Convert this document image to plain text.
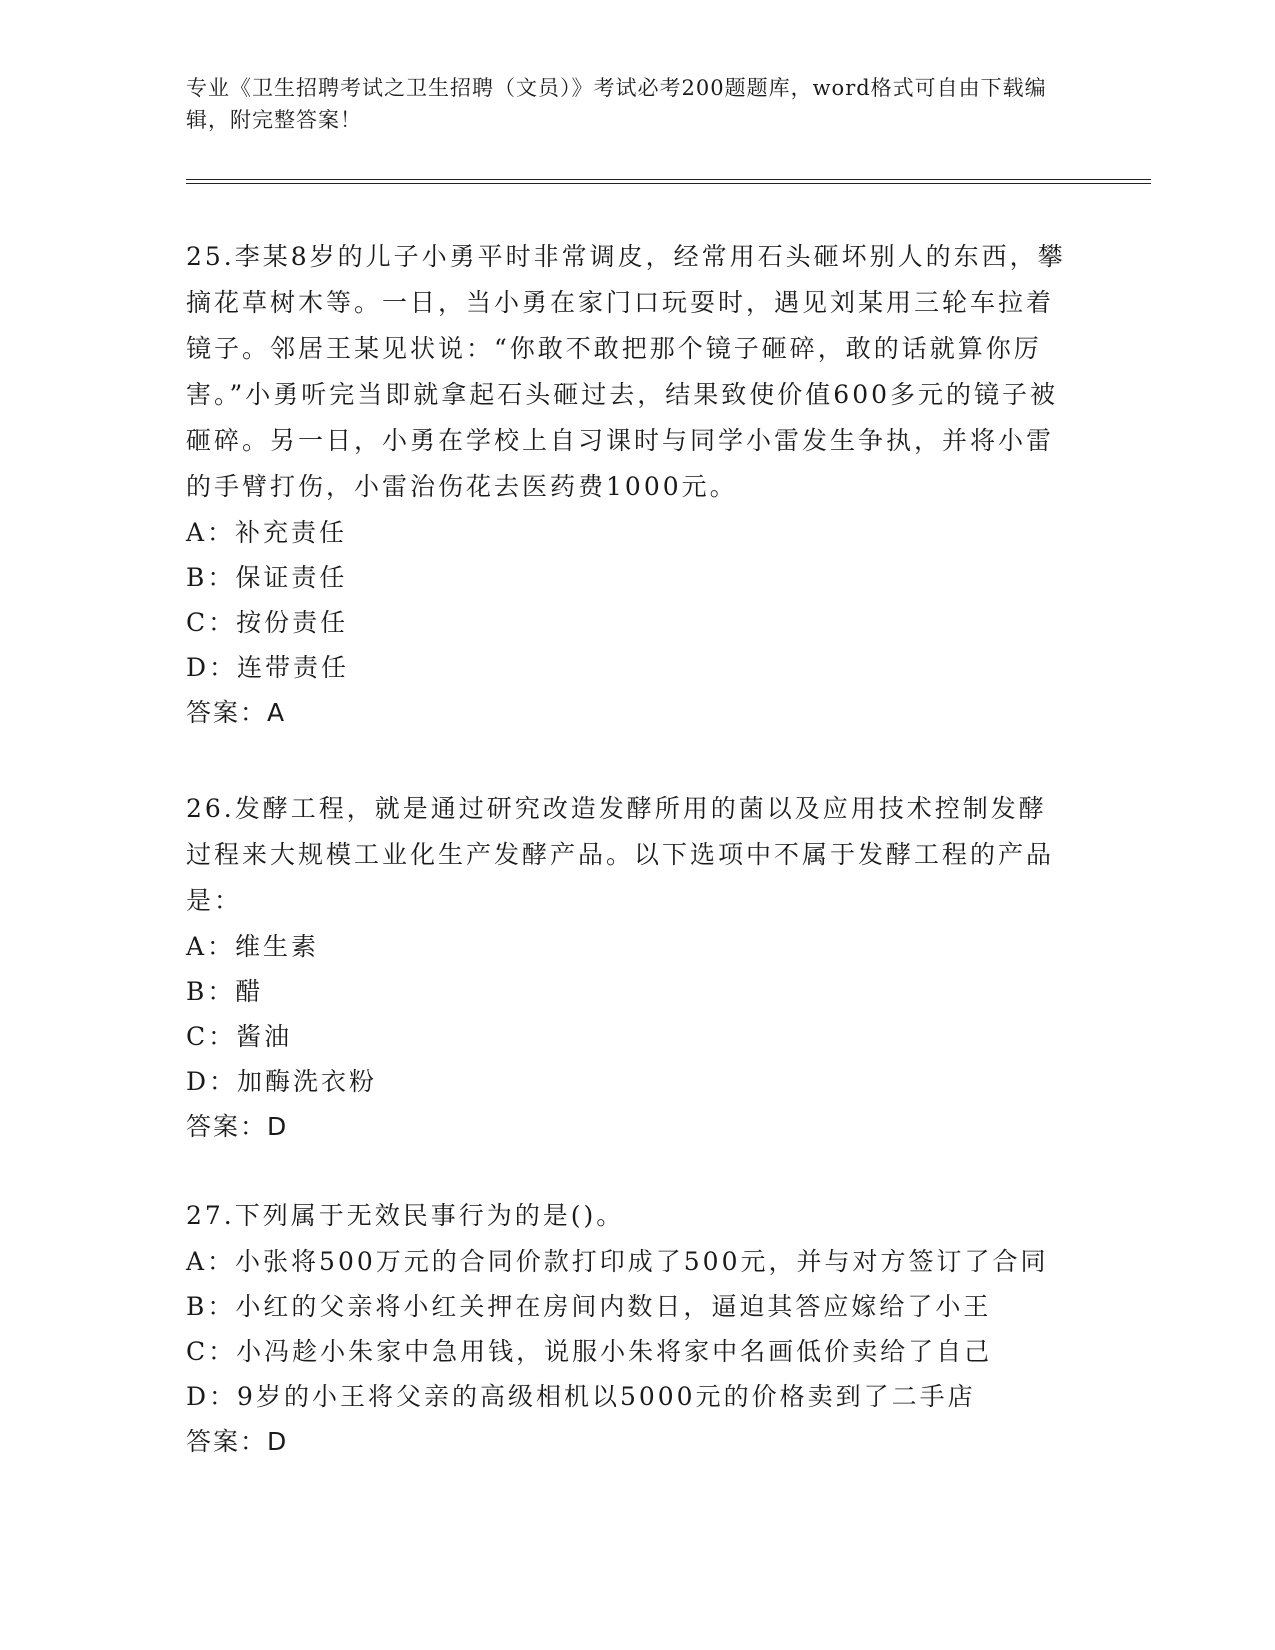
专业《卫生招聘考试之卫生招聘（文员）》考试必考200题题库，word格式可自由下载编辑，附完整答案！

25.李某8岁的儿子小勇平时非常调皮，经常用石头砸坏别人的东西，攀摘花草树木等。一日，当小勇在家门口玩耍时，遇见刘某用三轮车拉着镜子。邻居王某见状说：“你敢不敢把那个镜子砸碎，敢的话就算你厉害。”小勇听完当即就拿起石头砸过去，结果致使价值600多元的镜子被砸碎。另一日，小勇在学校上自习课时与同学小雷发生争执，并将小雷的手臂打伤，小雷治伤花去医药费1000元。

A：补充责任

B：保证责任

C：按份责任

D：连带责任

答案：A

26.发酵工程，就是通过研究改造发酵所用的菌以及应用技术控制发酵过程来大规模工业化生产发酵产品。以下选项中不属于发酵工程的产品是：

A：维生素

B：醋

C：酱油

D：加酶洗衣粉

答案：D

27.下列属于无效民事行为的是()。

A：小张将500万元的合同价款打印成了500元，并与对方签订了合同

B：小红的父亲将小红关押在房间内数日，逼迫其答应嫁给了小王

C：小冯趁小朱家中急用钱，说服小朱将家中名画低价卖给了自己

D：9岁的小王将父亲的高级相机以5000元的价格卖到了二手店

答案：D
